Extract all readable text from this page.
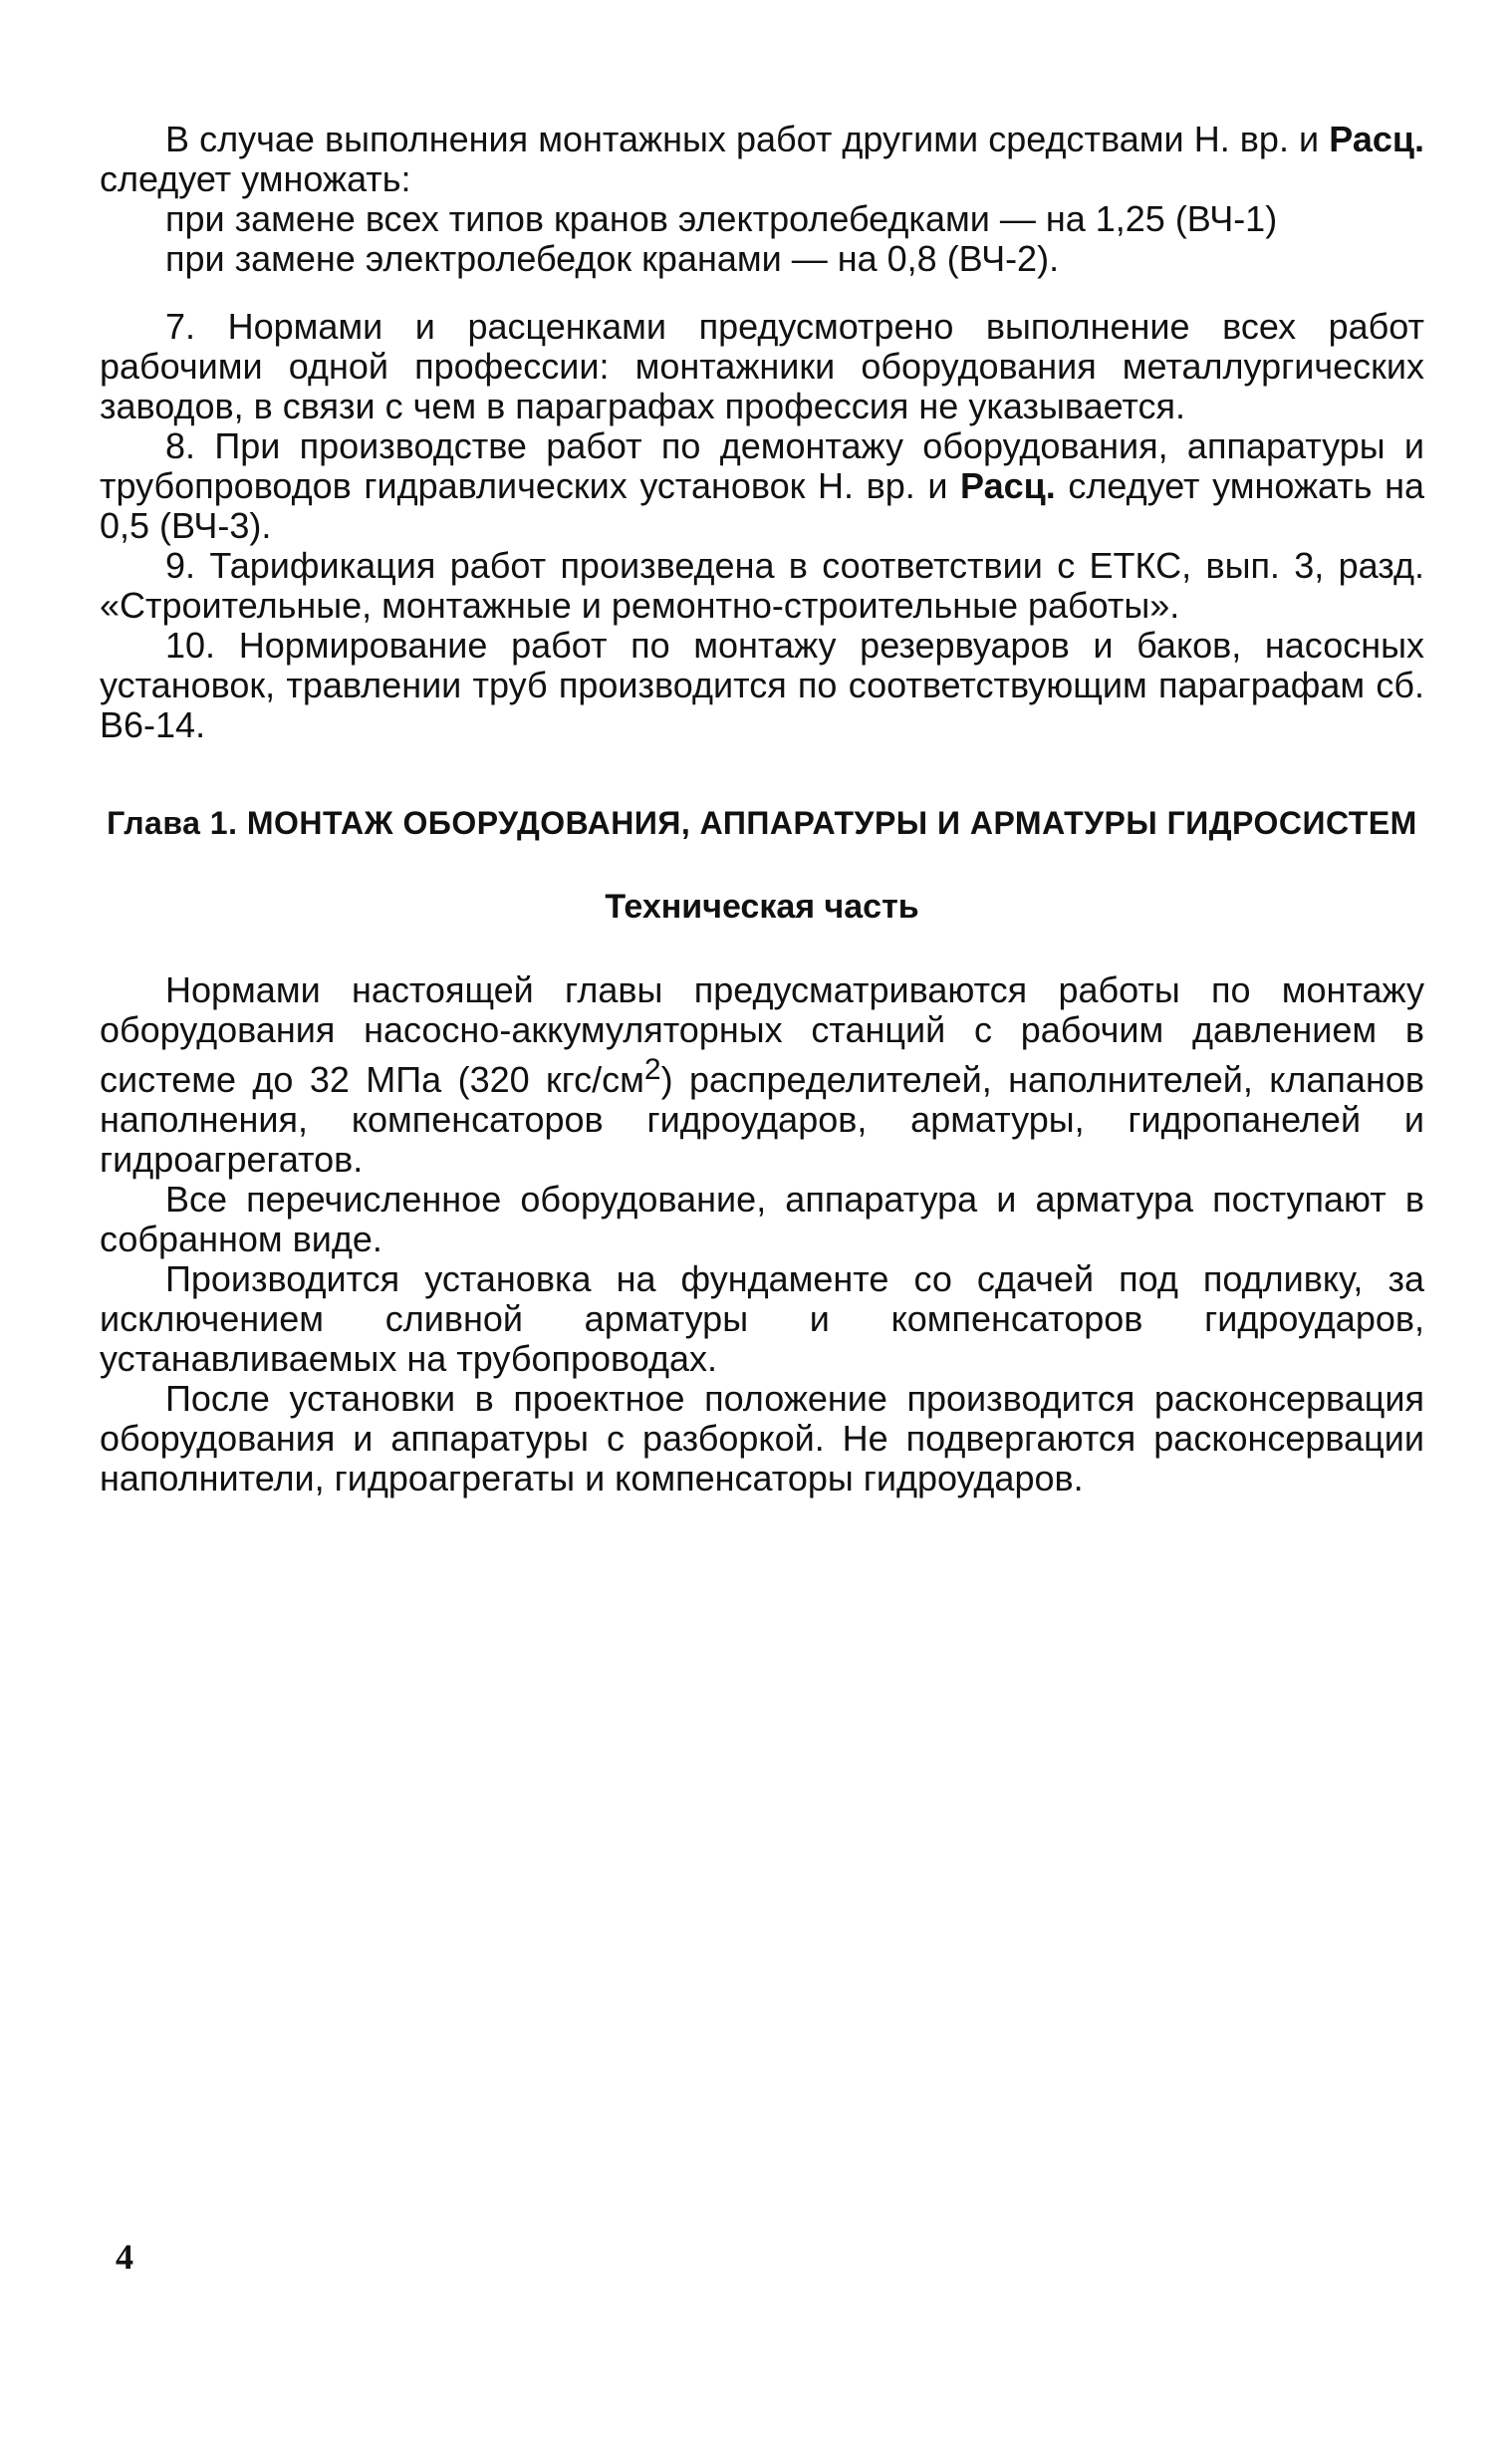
В случае выполнения монтажных работ другими средствами Н. вр. и Расц. следует умножать:

при замене всех типов кранов электролебедками — на 1,25 (ВЧ-1)

при замене электролебедок кранами — на 0,8 (ВЧ-2).

7. Нормами и расценками предусмотрено выполнение всех работ рабочими одной профессии: монтажники оборудования металлургических заводов, в связи с чем в параграфах профессия не указывается.

8. При производстве работ по демонтажу оборудования, аппаратуры и трубопроводов гидравлических установок Н. вр. и Расц. следует умножать на 0,5 (ВЧ-3).

9. Тарификация работ произведена в соответствии с ЕТКС, вып. 3, разд. «Строительные, монтажные и ремонтно-строительные работы».

10. Нормирование работ по монтажу резервуаров и баков, насосных установок, травлении труб производится по соответствующим параграфам сб. В6-14.

Глава 1. МОНТАЖ ОБОРУДОВАНИЯ, АППАРАТУРЫ И АРМАТУРЫ ГИДРОСИСТЕМ
Техническая часть

Нормами настоящей главы предусматриваются работы по монтажу оборудования насосно-аккумуляторных станций с рабочим давлением в системе до 32 МПа (320 кгс/$см^2$) распределителей, наполнителей, клапанов наполнения, компенсаторов гидроударов, арматуры, гидропанелей и гидроагрегатов.

Все перечисленное оборудование, аппаратура и арматура поступают в собранном виде.

Производится установка на фундаменте со сдачей под подливку, за исключением сливной арматуры и компенсаторов гидроударов, устанавливаемых на трубопроводах.

После установки в проектное положение производится расконсервация оборудования и аппаратуры с разборкой. Не подвергаются расконсервации наполнители, гидроагрегаты и компенсаторы гидроударов.

4
